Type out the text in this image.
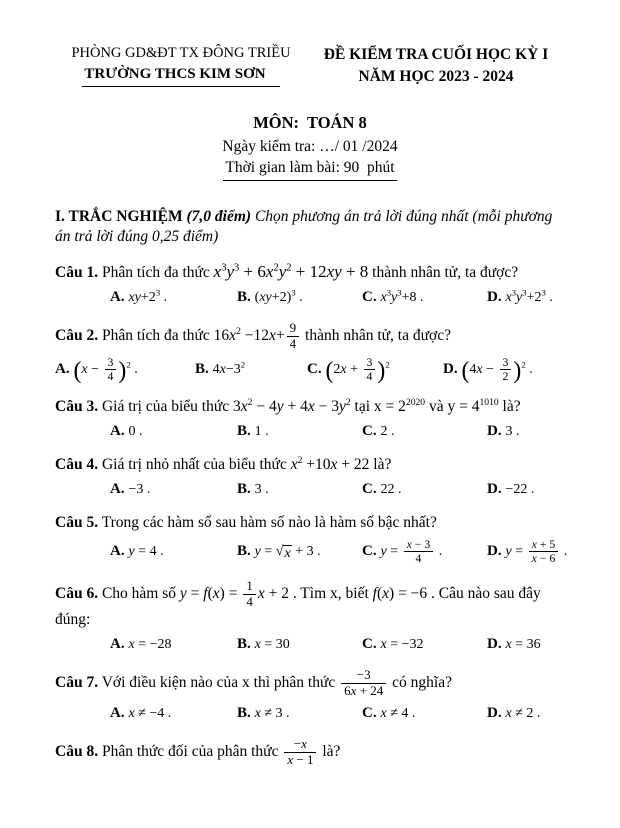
PHÒNG GD&ĐT TX ĐÔNG TRIỀU
TRƯỜNG THCS KIM SƠN
ĐỀ KIỂM TRA CUỐI HỌC KỲ I
NĂM HỌC 2023 - 2024
MÔN:  TOÁN 8
Ngày kiểm tra: …/ 01 /2024
Thời gian làm bài: 90  phút

I. TRẮC NGHIỆM (7,0 điểm) Chọn phương án trả lời đúng nhất (mỗi phương án trả lời đúng 0,25 điểm)

Câu 1. Phân tích đa thức $x^3y^3 + 6x^2y^2 + 12xy + 8$ thành nhân tử, ta được?

A. $xy+2^3$ .	B. $(xy+2)^3$ .	C. $x^3y^3+8$ .	D. $x^3y^3+2^3$ .

Câu 2. Phân tích đa thức $16x^2 -12x+ \frac{9}{4}$ thành nhân tử, ta được?

A. $(x - \frac{3}{4} )^2$ .	B. $4x-3^2$	C. $(2x + \frac{3}{4} )^2$	D. $(4x - \frac{3}{2} )^2$ .

Câu 3. Giá trị của biểu thức $3x^2 - 4y + 4x - 3y^2$ tại $x = 2^{2020}$ và $y = 4^{1010}$ là?

A. 0 .	B. 1 .	C. 2 .	D. 3 .

Câu 4. Giá trị nhỏ nhất của biểu thức $x^2 +10x + 22$ là?

A. −3 .	B. 3 .	C. 22 .	D. −22 .

Câu 5. Trong các hàm số sau hàm số nào là hàm số bậc nhất?

A. y = 4 .	B. y = √ x + 3 .	C. $y = \frac{x - 3}{4}$ .	D. $y = \frac{x + 5}{x - 6}$ .

Câu 6. Cho hàm số $y = f(x) = \frac{1}{4}$ x + 2 . Tìm x, biết f(x) = −6 . Câu nào sau đây đúng:

A. x = −28	B. x = 30	C. x = −32	D. x = 36

Câu 7. Với điều kiện nào của x thì phân thức $\frac{-3}{6x + 24}$ có nghĩa?

A. x ≠ −4 .	B. x ≠ 3 .	C. x ≠ 4 .	D. x ≠ 2 .

Câu 8. Phân thức đối của phân thức $\frac{-x}{x - 1}$ là?
